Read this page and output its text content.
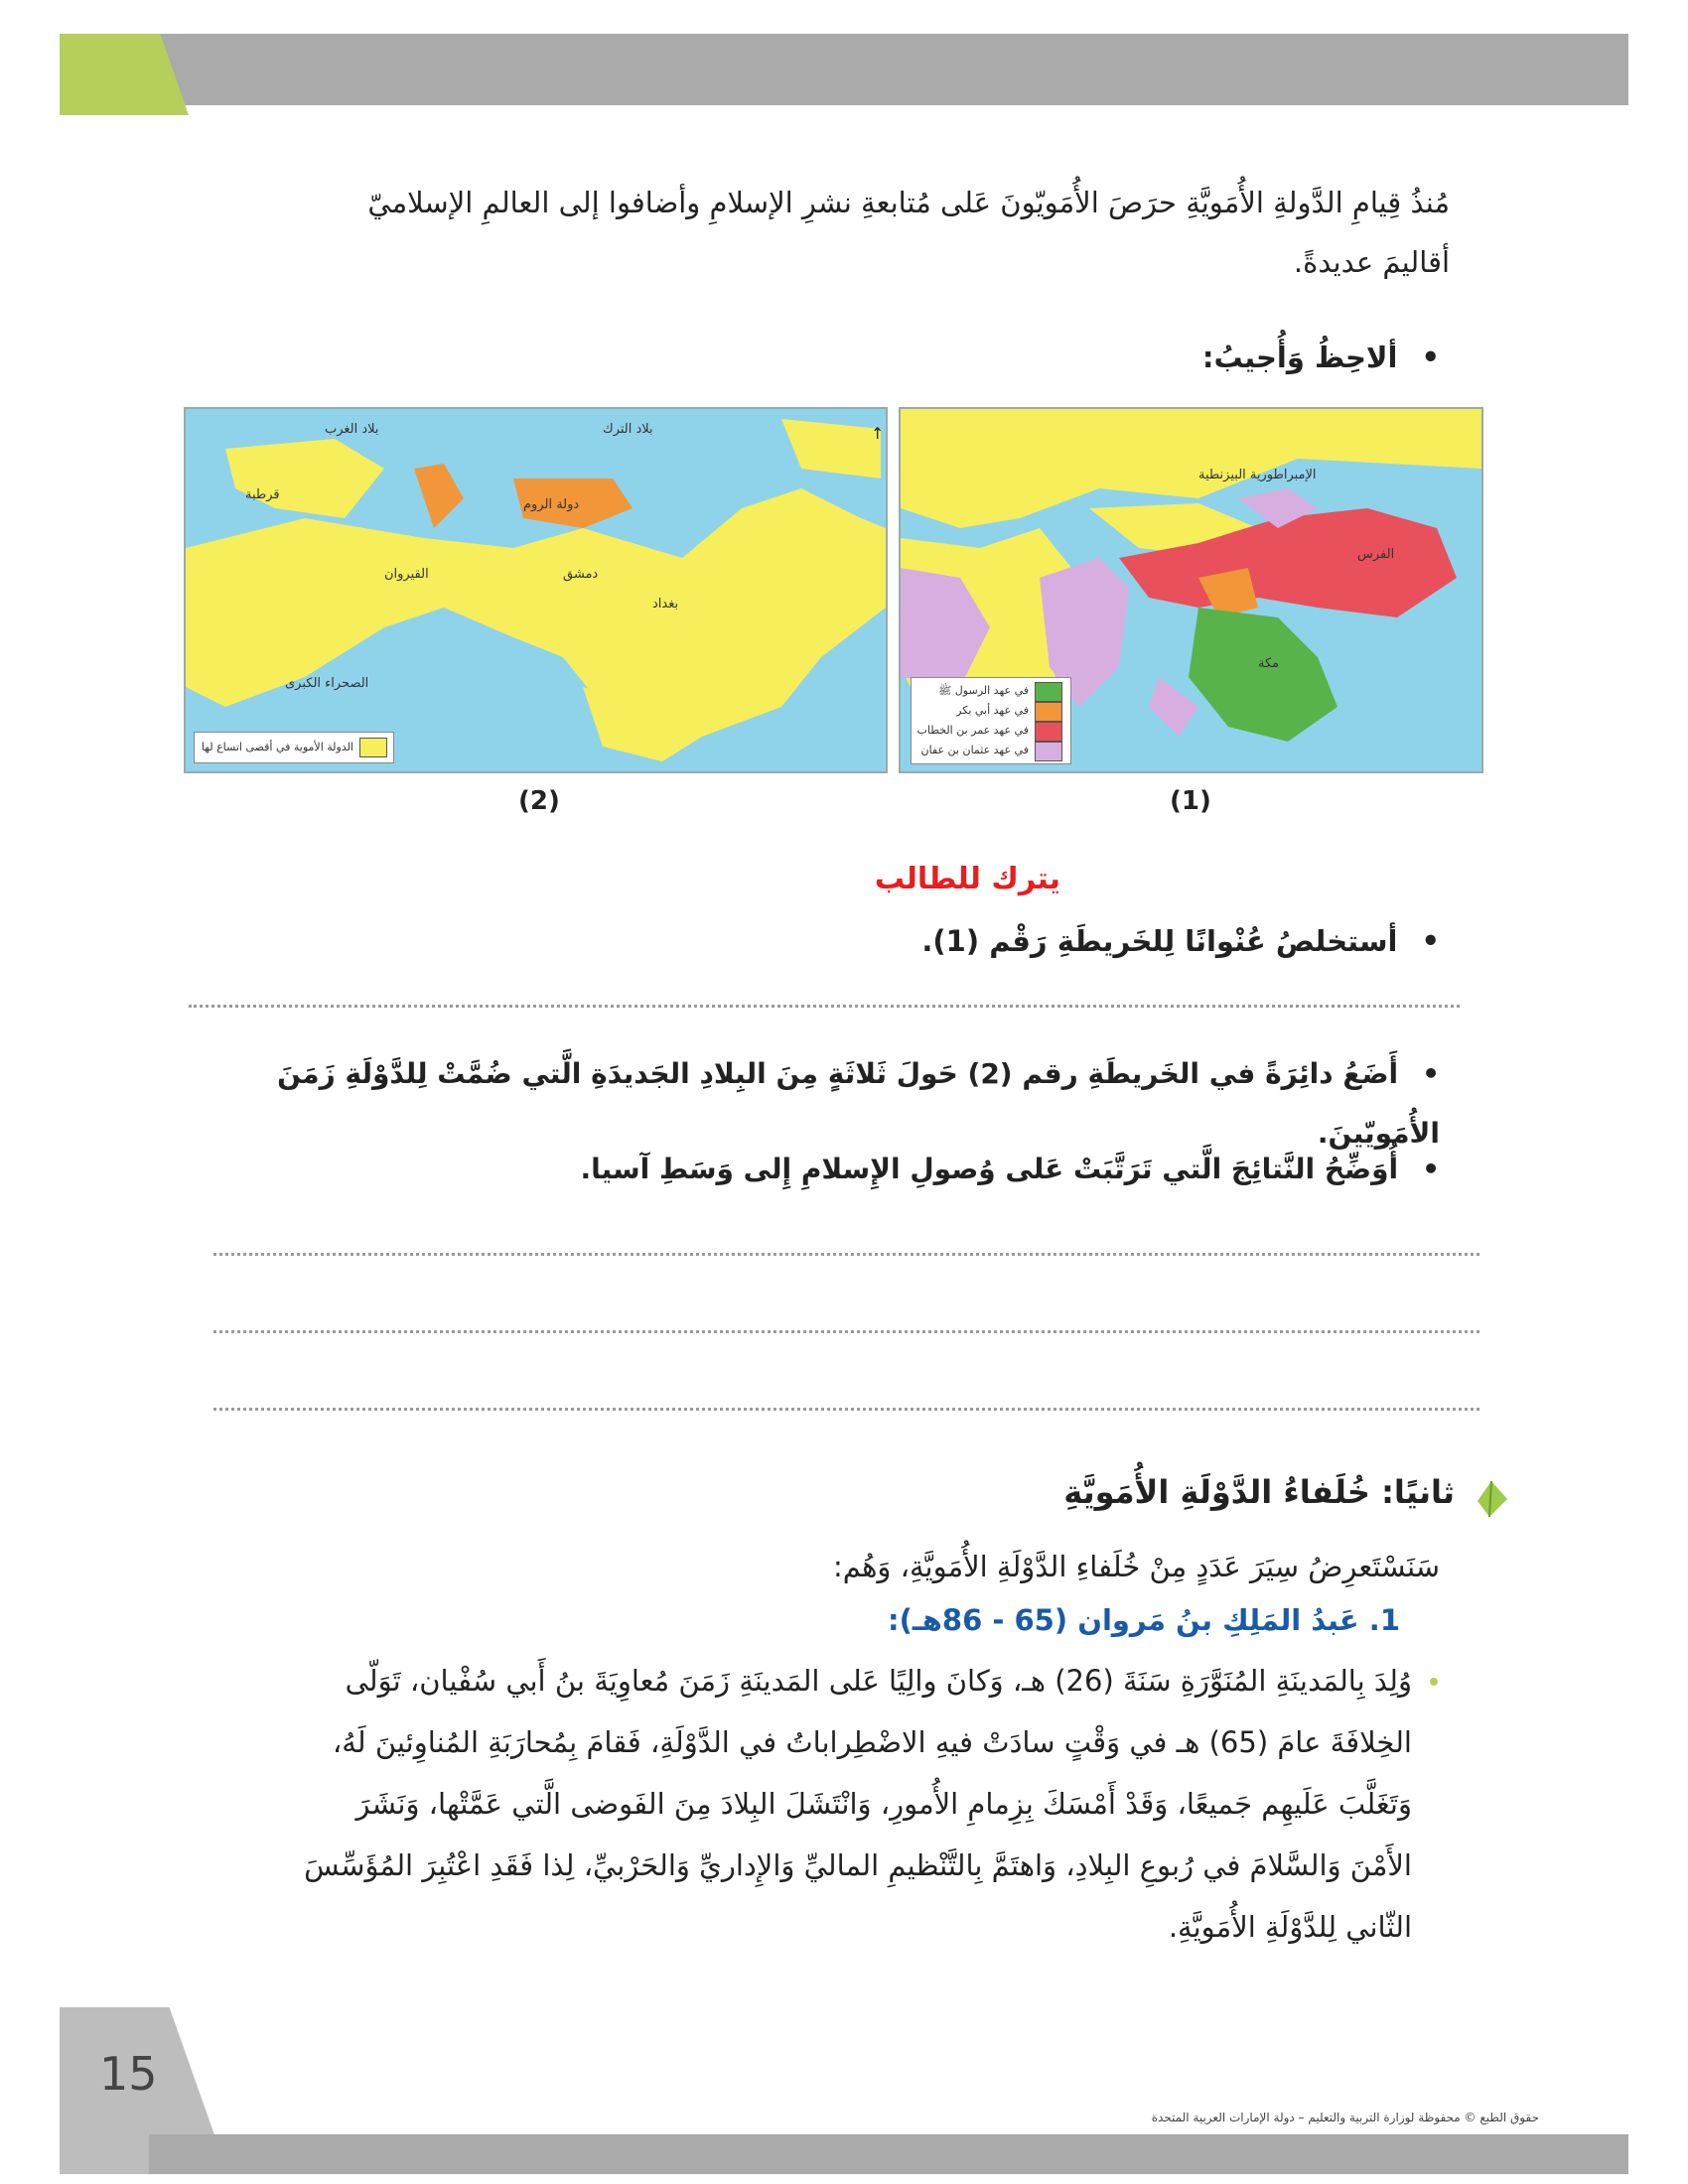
مُنذُ قِيامِ الدَّولةِ الأُمَويَّةِ حرَصَ الأُمَويّونَ عَلى مُتابعةِ نشرِ الإسلامِ وأضافوا إلى العالمِ الإسلاميّ
أقاليمَ عديدةً.
• ألاحِظُ وَأُجيبُ:
الإمبراطورية البيزنطية
الفرس
مكة
في عهد الرسول ﷺ
في عهد أبي بكر
في عهد عمر بن الخطاب
في عهد عثمان بن عفان
بلاد الغرب	بلاد الترك
دولة الروم
الصحراء الكبرى
قرطبة
القيروان	دمشق
بغداد
↑
الدولة الأموية في أقصى اتساع لها
(1)
(2)
يترك للطالب
• أستخلصُ عُنْوانًا لِلخَريطَةِ رَقْم (1).
• أَضَعُ دائِرَةً في الخَريطَةِ رقم (2) حَولَ ثَلاثَةٍ مِنَ البِلادِ الجَديدَةِ الَّتي ضُمَّتْ لِلدَّوْلَةِ زَمَنَ الأُمَويّينَ.
• أُوَضِّحُ النَّتائِجَ الَّتي تَرَتَّبَتْ عَلى وُصولِ الإِسلامِ إِلى وَسَطِ آسيا.
ثانيًا: خُلَفاءُ الدَّوْلَةِ الأُمَويَّةِ
سَنَسْتَعرِضُ سِيَرَ عَدَدٍ مِنْ خُلَفاءِ الدَّوْلَةِ الأُمَويَّةِ، وَهُم:
1. عَبدُ المَلِكِ بنُ مَروان (65 - 86هـ):
وُلِدَ بِالمَدينَةِ المُنَوَّرَةِ سَنَةَ (26) هـ، وَكانَ والِيًا عَلى المَدينَةِ زَمَنَ مُعاوِيَةَ بنُ أَبي سُفْيان، تَوَلّى
الخِلافَةَ عامَ (65) هـ في وَقْتٍ سادَتْ فيهِ الاضْطِراباتُ في الدَّوْلَةِ، فَقامَ بِمُحارَبَةِ المُناوِئينَ لَهُ،
وَتَغَلَّبَ عَلَيهِم جَميعًا، وَقَدْ أَمْسَكَ بِزِمامِ الأُمورِ، وَانْتَشَلَ البِلادَ مِنَ الفَوضى الَّتي عَمَّتْها، وَنَشَرَ
الأَمْنَ وَالسَّلامَ في رُبوعِ البِلادِ، وَاهتَمَّ بِالتَّنْظيمِ الماليِّ وَالإِداريِّ وَالحَرْبيِّ، لِذا فَقَدِ اعْتُبِرَ المُؤَسِّسَ
الثّاني لِلدَّوْلَةِ الأُمَويَّةِ.
15
حقوق الطبع © محفوظة لوزارة التربية والتعليم – دولة الإمارات العربية المتحدة
